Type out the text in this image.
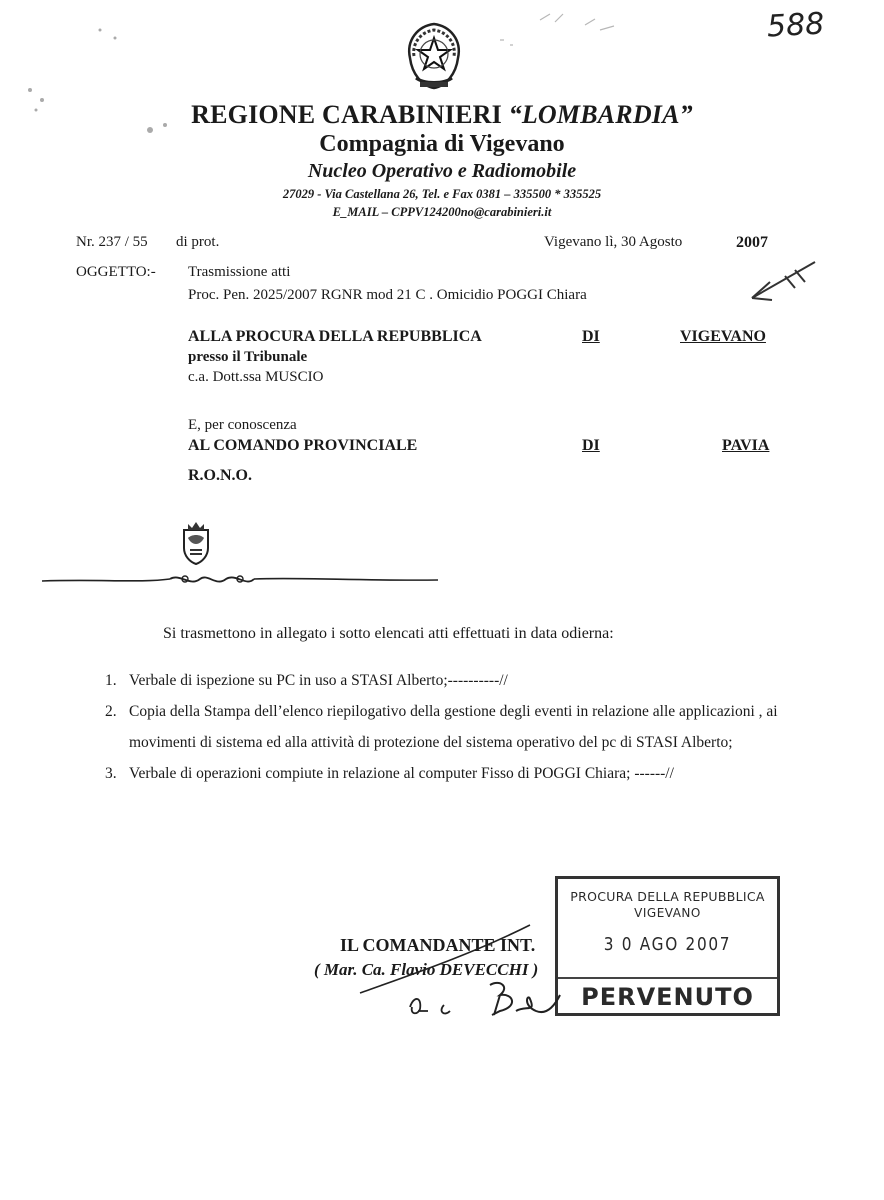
588
REGIONE CARABINIERI “LOMBARDIA”
Compagnia di Vigevano
Nucleo Operativo e Radiomobile
27029 - Via Castellana 26, Tel. e Fax 0381 – 335500 * 335525
E_MAIL – CPPV124200no@carabinieri.it
Nr. 237 / 55 di prot.	Vigevano lì, 30 Agosto	2007
OGGETTO:- Trasmissione atti
Proc. Pen. 2025/2007 RGNR mod 21 C . Omicidio POGGI Chiara
ALLA PROCURA DELLA REPUBBLICA	DI	VIGEVANO
presso il Tribunale
c.a. Dott.ssa MUSCIO
E, per conoscenza
AL COMANDO PROVINCIALE	DI	PAVIA
R.O.N.O.
Si trasmettono in allegato i sotto elencati atti effettuati in data odierna:
1. Verbale di ispezione su PC in uso a STASI Alberto;----------//
2. Copia della Stampa dell’elenco riepilogativo della gestione degli eventi in relazione alle applicazioni , ai movimenti di sistema ed alla attività di protezione del sistema operativo del pc di STASI Alberto;
3. Verbale di operazioni compiute in relazione al computer Fisso di POGGI Chiara; ------//
PROCURA DELLA REPUBBLICA
VIGEVANO
3 0 AGO 2007
PERVENUTO
IL COMANDANTE INT.
( Mar. Ca. Flavio DEVECCHI )
